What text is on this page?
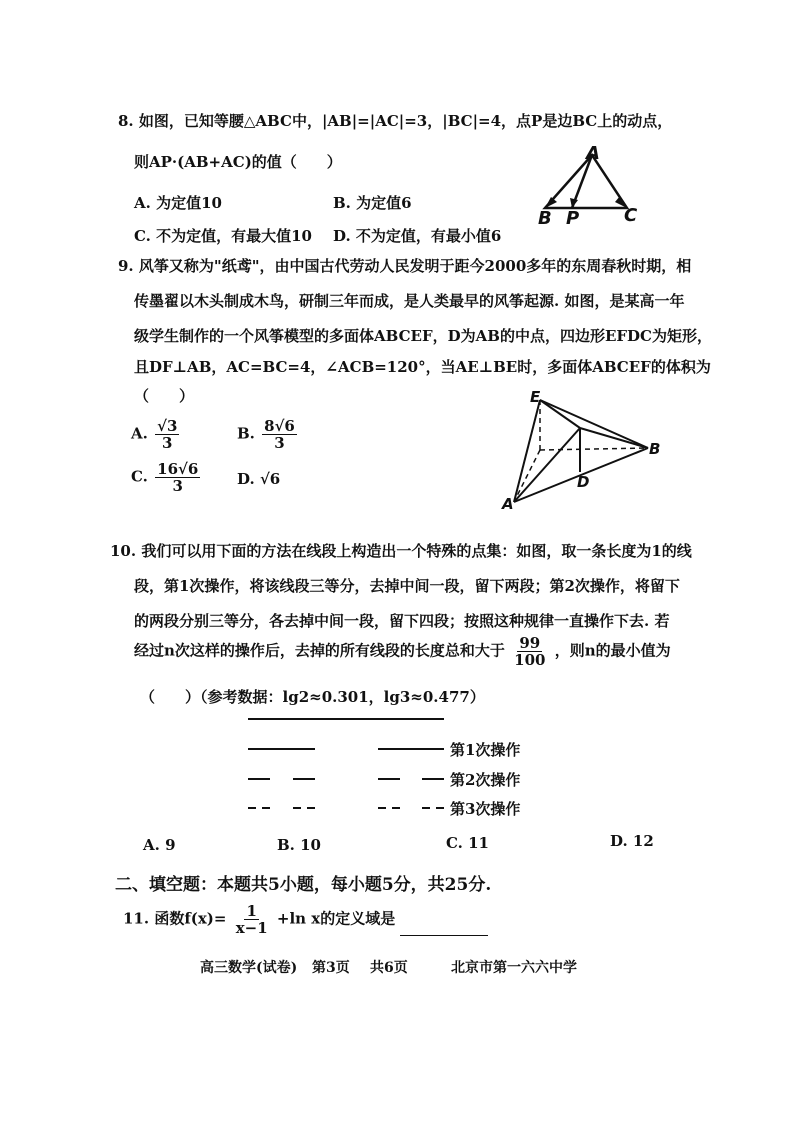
8. 如图，已知等腰△ABC中，|AB|=|AC|=3，|BC|=4，点P是边BC上的动点，
则AP·(AB+AC)的值（　　）
A. 为定值10	B. 为定值6
C. 不为定值，有最大值10 D. 不为定值，有最小值6
A
B P C
9. 风筝又称为"纸鸢"，由中国古代劳动人民发明于距今2000多年的东周春秋时期，相
传墨翟以木头制成木鸟，研制三年而成，是人类最早的风筝起源. 如图，是某高一年
级学生制作的一个风筝模型的多面体ABCEF，D为AB的中点，四边形EFDC为矩形，
且DF⊥AB，AC=BC=4，∠ACB=120°，当AE⊥BE时，多面体ABCEF的体积为
（　　）
A. $\frac{√3}{3}$	B. $\frac{8√6}{3}$
C. $\frac{16√6}{3} D$. √6
E
B
D
A
10. 我们可以用下面的方法在线段上构造出一个特殊的点集：如图，取一条长度为1的线
段，第1次操作，将该线段三等分，去掉中间一段，留下两段；第2次操作，将留下
的两段分别三等分，各去掉中间一段，留下四段；按照这种规律一直操作下去. 若
经过n次这样的操作后，去掉的所有线段的长度总和大于 $\frac{99}{100}$ ，则n的最小值为
（　　）（参考数据：lg2≈0.301，lg3≈0.477）
第1次操作
第2次操作
第3次操作
A. 9	B. 10	C. 11	D. 12
二、填空题：本题共5小题，每小题5分，共25分.
11. 函数$f(x)= \frac{1}{x-1} +\ln$ x的定义域是
高三数学(试卷) 第3页 共6页	北京市第一六六中学
